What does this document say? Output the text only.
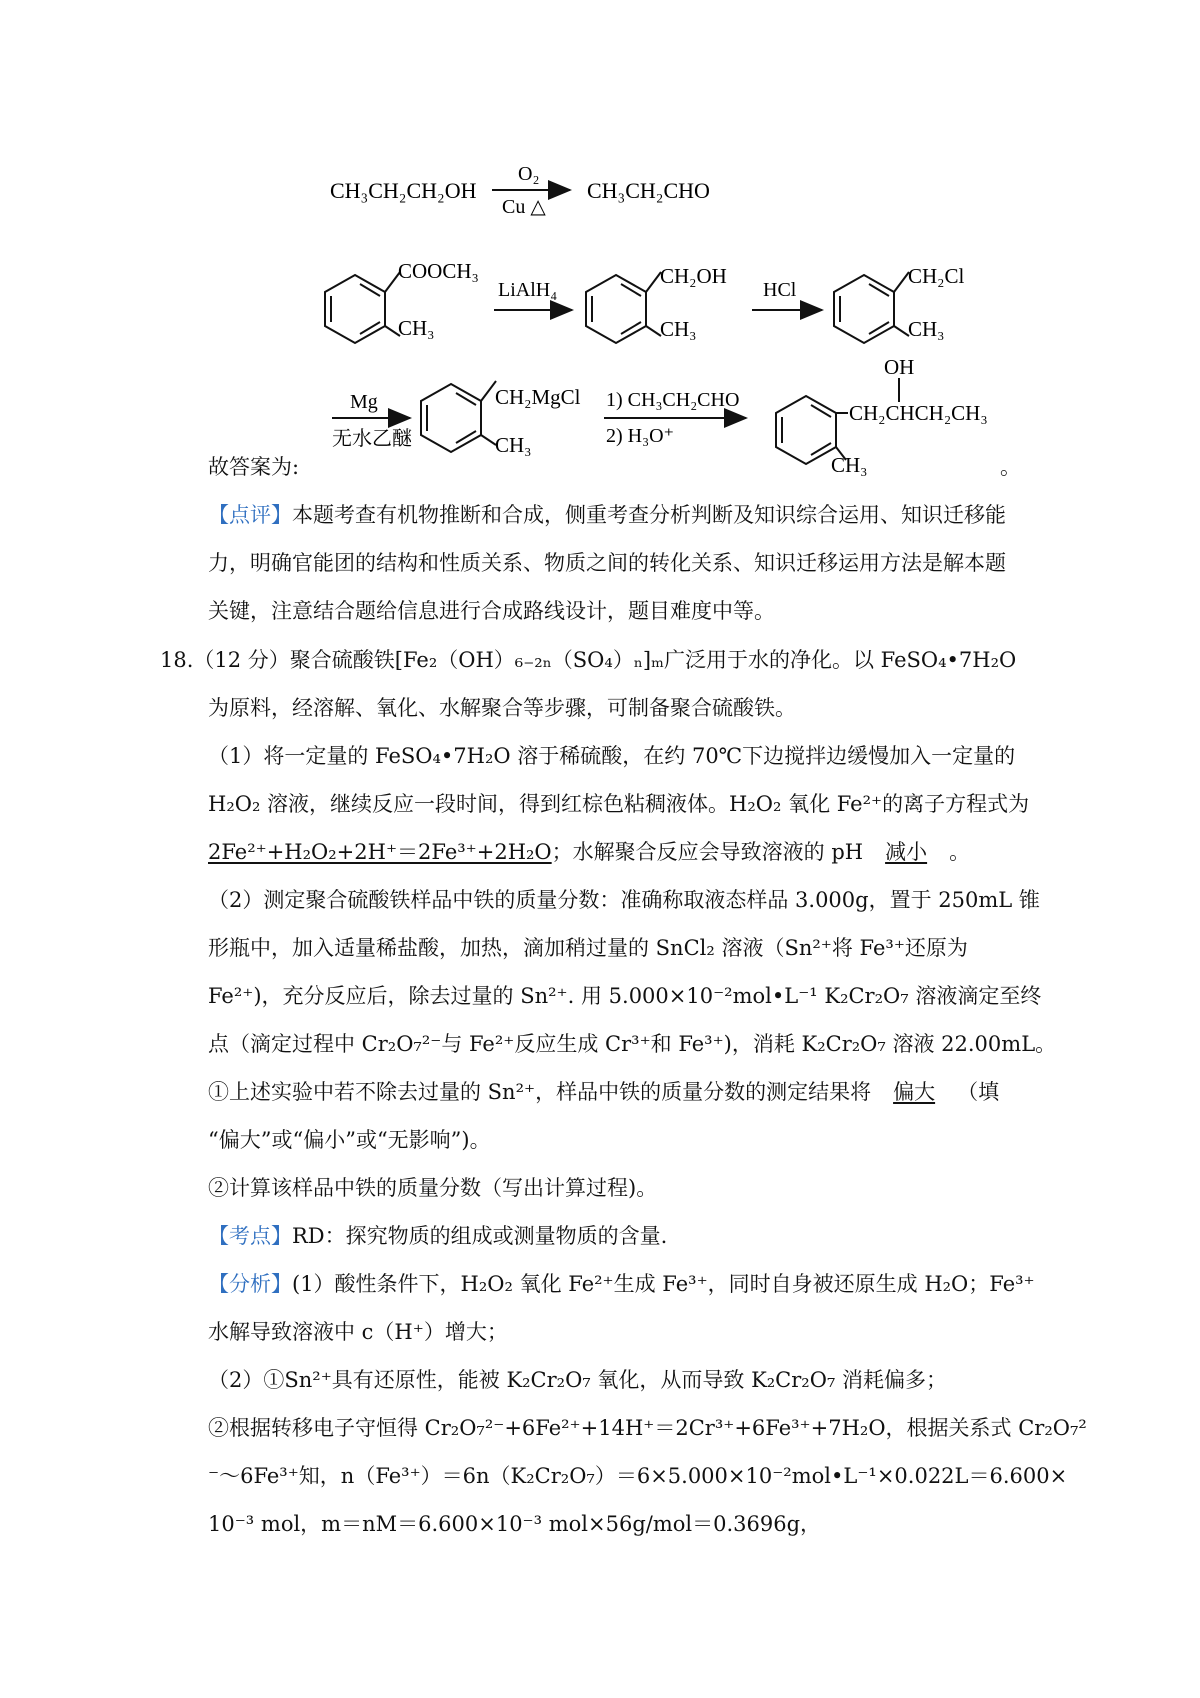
CH₃CH₂CH₂OH
O₂
Cu △
CH₃CH₂CHO
COOCH₃
CH₃
LiAlH₄
CH₂OH
CH₃
HCl
CH₂Cl
CH₃
Mg
无水乙醚
CH₂MgCl
CH₃
1) CH₃CH₂CHO
2) H₃O⁺
OH
CH₂CHCH₂CH₃
CH₃
故答案为:	。
【点评】本题考查有机物推断和合成，侧重考查分析判断及知识综合运用、知识迁移能
力，明确官能团的结构和性质关系、物质之间的转化关系、知识迁移运用方法是解本题
关键，注意结合题给信息进行合成路线设计，题目难度中等。
18.（12 分）聚合硫酸铁[Fe₂（OH）₆₋₂ₙ（SO₄）ₙ]ₘ广泛用于水的净化。以 FeSO₄•7H₂O
为原料，经溶解、氧化、水解聚合等步骤，可制备聚合硫酸铁。
（1）将一定量的 FeSO₄•7H₂O 溶于稀硫酸，在约 70℃下边搅拌边缓慢加入一定量的
H₂O₂ 溶液，继续反应一段时间，得到红棕色粘稠液体。H₂O₂ 氧化 Fe²⁺的离子方程式为
2Fe²⁺+H₂O₂+2H⁺＝2Fe³⁺+2H₂O；水解聚合反应会导致溶液的 pH 减小 。
（2）测定聚合硫酸铁样品中铁的质量分数：准确称取液态样品 3.000g，置于 250mL 锥
形瓶中，加入适量稀盐酸，加热，滴加稍过量的 SnCl₂ 溶液（Sn²⁺将 Fe³⁺还原为
Fe²⁺)，充分反应后，除去过量的 Sn²⁺. 用 5.000×10⁻²mol•L⁻¹ K₂Cr₂O₇ 溶液滴定至终
点（滴定过程中 Cr₂O₇²⁻与 Fe²⁺反应生成 Cr³⁺和 Fe³⁺)，消耗 K₂Cr₂O₇ 溶液 22.00mL。
①上述实验中若不除去过量的 Sn²⁺，样品中铁的质量分数的测定结果将 偏大 （填
“偏大”或“偏小”或“无影响”)。
②计算该样品中铁的质量分数（写出计算过程)。
【考点】RD：探究物质的组成或测量物质的含量.
【分析】(1）酸性条件下，H₂O₂ 氧化 Fe²⁺生成 Fe³⁺，同时自身被还原生成 H₂O；Fe³⁺
水解导致溶液中 c（H⁺）增大；
（2）①Sn²⁺具有还原性，能被 K₂Cr₂O₇ 氧化，从而导致 K₂Cr₂O₇ 消耗偏多；
②根据转移电子守恒得 Cr₂O₇²⁻+6Fe²⁺+14H⁺＝2Cr³⁺+6Fe³⁺+7H₂O，根据关系式 Cr₂O₇²
⁻～6Fe³⁺知，n（Fe³⁺）＝6n（K₂Cr₂O₇）＝6×5.000×10⁻²mol•L⁻¹×0.022L＝6.600×
10⁻³ mol，m＝nM＝6.600×10⁻³ mol×56g/mol＝0.3696g，
